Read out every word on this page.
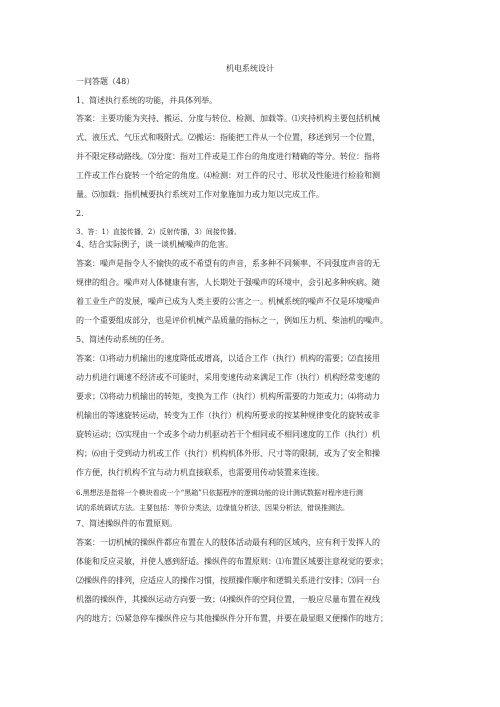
机电系统设计
一问答题（48）
1、简述执行系统的功能，并具体列举。
答案：主要功能为夹持、搬运、分度与转位、检测、加载等。⑴夹持机构主要包括机械
式、液压式、气压式和吸附式。⑵搬运：指能把工件从一个位置，移送到另一个位置，
并不限定移动路线。⑶分度：指对工件或是工作台的角度进行精确的等分。转位：指将
工件或工作台旋转一个给定的角度。⑷检测：对工件的尺寸、形状及性能进行检验和测
量。⑸加载：指机械要执行系统对工作对象施加力或力矩以完成工作。
2.
3、答：1）直接传播，2）反射传播，3）间接传播。
4、结合实际例子，谈一谈机械噪声的危害。
答案：噪声是指令人不愉快的或不希望有的声音，系多种不同频率、不同强度声音的无
规律的组合。噪声对人体健康有害，人长期处于强噪声的环境中，会引起多种疾病。随
着工业生产的发展，噪声已成为人类主要的公害之一。机械系统的噪声不仅是环境噪声
的一个重要组成部分，也是评价机械产品质量的指标之一，例如压力机、柴油机的噪声。
5、简述传动系统的任务。
答案：⑴将动力机输出的速度降低或增高，以适合工作（执行）机构的需要；⑵直接用
动力机进行调速不经济或不可能时，采用变速传动来满足工作（执行）机构经常变速的
要求；⑶将动力机输出的转矩，变换为工作（执行）机构所需要的力矩或力；⑷将动力
机输出的等速旋转运动，转变为工作（执行）机构所要求的按某种规律变化的旋转或非
旋转运动；⑸实现由一个或多个动力机驱动若干个相同或不相同速度的工作（执行）机
构；⑹由于受到动力机或工作（执行）机构机体外形、尺寸等的限制，或为了安全和操
作方便，执行机构不宜与动力机直接联系，也需要用传动装置来连接。
6.黑想法是指将一个模块看成一个“黑箱”只依据程序的逻辑功能的设计测试数据对程序进行测
试的系统调试方法。主要包括：等价分类法，边缘值分析法，因果分析法，错误推测法。
7、简述操纵件的布置原则。
答案：一切机械的操纵件都应布置在人的肢体活动最有利的区域内，应有利于发挥人的
体能和反应灵敏，并使人感到舒适。操纵件的布置原则：⑴布置区域要注意视觉的要求；
⑵操纵件的排列，应适应人的操作习惯，按照操作顺序和逻辑关系进行安排；⑶同一台
机器的操纵件，其操纵运动方向要一致；⑷操纵件的空间位置，一般应尽量布置在视线
内的地方；⑸紧急停车操纵件应与其他操纵件分开布置，并要在最显眼又便操作的地方；
